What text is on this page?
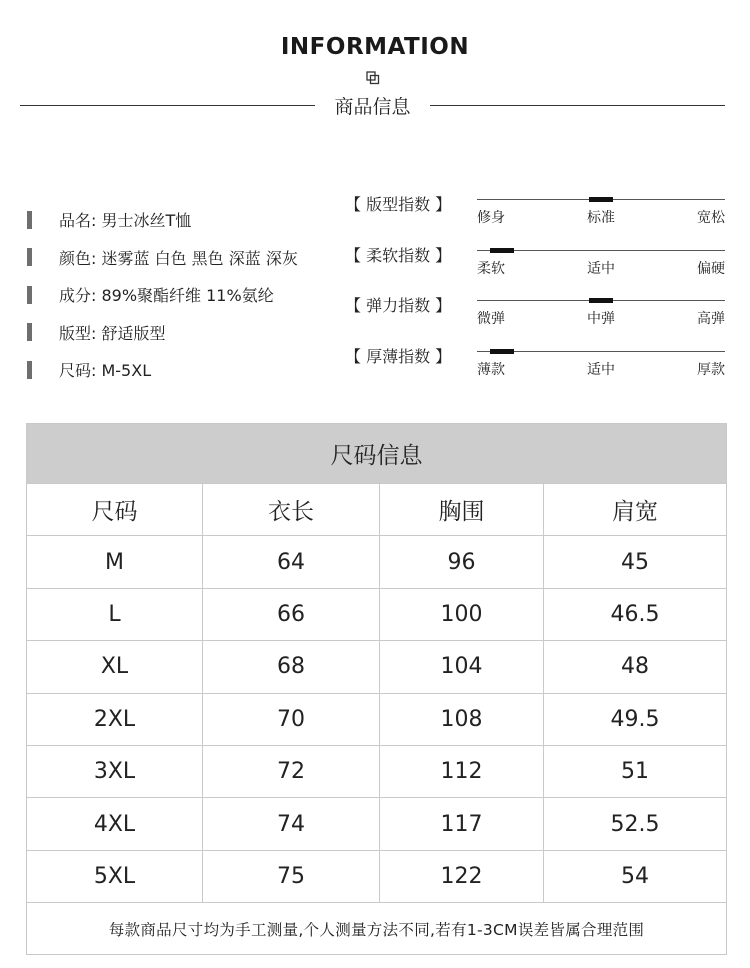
INFORMATION
商品信息
品名: 男士冰丝T恤
颜色: 迷雾蓝 白色 黑色 深蓝 深灰
成分: 89%聚酯纤维 11%氨纶
版型: 舒适版型
尺码: M-5XL
【 版型指数 】
修身	标准	宽松
【 柔软指数 】
柔软	适中	偏硬
【 弹力指数 】
微弹	中弹	高弹
【 厚薄指数 】
薄款	适中	厚款
尺码信息
尺码	衣长	胸围	肩宽
M	64	96	45
L	66	100	46.5
XL	68	104	48
2XL	70	108	49.5
3XL	72	112	51
4XL	74	117	52.5
5XL	75	122	54
每款商品尺寸均为手工测量,个人测量方法不同,若有1-3CM误差皆属合理范围
